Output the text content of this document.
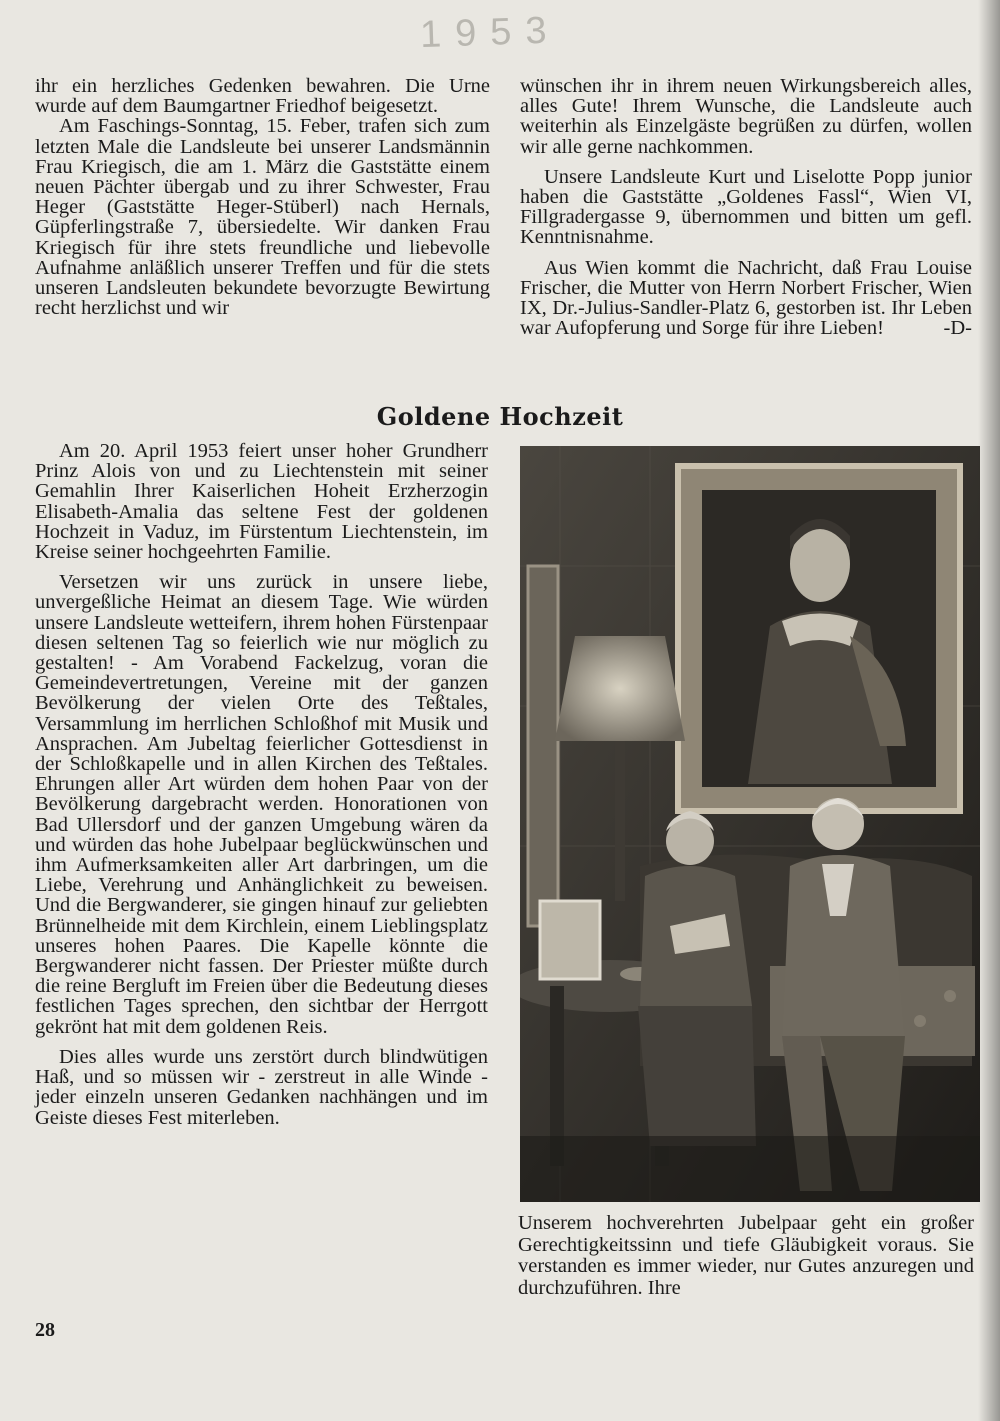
1953

ihr ein herzliches Gedenken bewahren. Die Urne wurde auf dem Baumgartner Friedhof beigesetzt.

Am Faschings-Sonntag, 15. Feber, trafen sich zum letzten Male die Landsleute bei unserer Landsmännin Frau Kriegisch, die am 1. März die Gaststätte einem neuen Pächter übergab und zu ihrer Schwester, Frau Heger (Gaststätte Heger-Stüberl) nach Hernals, Güpferlingstraße 7, übersiedelte. Wir danken Frau Kriegisch für ihre stets freundliche und liebevolle Aufnahme anläßlich unserer Treffen und für die stets unseren Landsleuten bekundete bevorzugte Bewirtung recht herzlichst und wir

wünschen ihr in ihrem neuen Wirkungsbereich alles, alles Gute! Ihrem Wunsche, die Landsleute auch weiterhin als Einzelgäste begrüßen zu dürfen, wollen wir alle gerne nachkommen.

Unsere Landsleute Kurt und Liselotte Popp junior haben die Gaststätte „Goldenes Fassl“, Wien VI, Fillgradergasse 9, übernommen und bitten um gefl. Kenntnisnahme.

Aus Wien kommt die Nachricht, daß Frau Louise Frischer, die Mutter von Herrn Norbert Frischer, Wien IX, Dr.-Julius-Sandler-Platz 6, gestorben ist. Ihr Leben war Aufopferung und Sorge für ihre Lieben!	-D-

Goldene Hochzeit

Am 20. April 1953 feiert unser hoher Grundherr Prinz Alois von und zu Liechtenstein mit seiner Gemahlin Ihrer Kaiserlichen Hoheit Erzherzogin Elisabeth-Amalia das seltene Fest der goldenen Hochzeit in Vaduz, im Fürstentum Liechtenstein, im Kreise seiner hochgeehrten Familie.

Versetzen wir uns zurück in unsere liebe, unvergeßliche Heimat an diesem Tage. Wie würden unsere Landsleute wetteifern, ihrem hohen Fürstenpaar diesen seltenen Tag so feierlich wie nur möglich zu gestalten! - Am Vorabend Fackelzug, voran die Gemeindevertretungen, Vereine mit der ganzen Bevölkerung der vielen Orte des Teßtales, Versammlung im herrlichen Schloßhof mit Musik und Ansprachen. Am Jubeltag feierlicher Gottesdienst in der Schloßkapelle und in allen Kirchen des Teßtales. Ehrungen aller Art würden dem hohen Paar von der Bevölkerung dargebracht werden. Honorationen von Bad Ullersdorf und der ganzen Umgebung wären da und würden das hohe Jubelpaar beglückwünschen und ihm Aufmerksamkeiten aller Art darbringen, um die Liebe, Verehrung und Anhänglichkeit zu beweisen. Und die Bergwanderer, sie gingen hinauf zur geliebten Brünnelheide mit dem Kirchlein, einem Lieblingsplatz unseres hohen Paares. Die Kapelle könnte die Bergwanderer nicht fassen. Der Priester müßte durch die reine Bergluft im Freien über die Bedeutung dieses festlichen Tages sprechen, den sichtbar der Herrgott gekrönt hat mit dem goldenen Reis.

Dies alles wurde uns zerstört durch blindwütigen Haß, und so müssen wir - zerstreut in alle Winde - jeder einzeln unseren Gedanken nachhängen und im Geiste dieses Fest miterleben.

Unserem hochverehrten Jubelpaar geht ein großer Gerechtigkeitssinn und tiefe Gläubigkeit voraus. Sie verstanden es immer wieder, nur Gutes anzuregen und durchzuführen. Ihre
28
